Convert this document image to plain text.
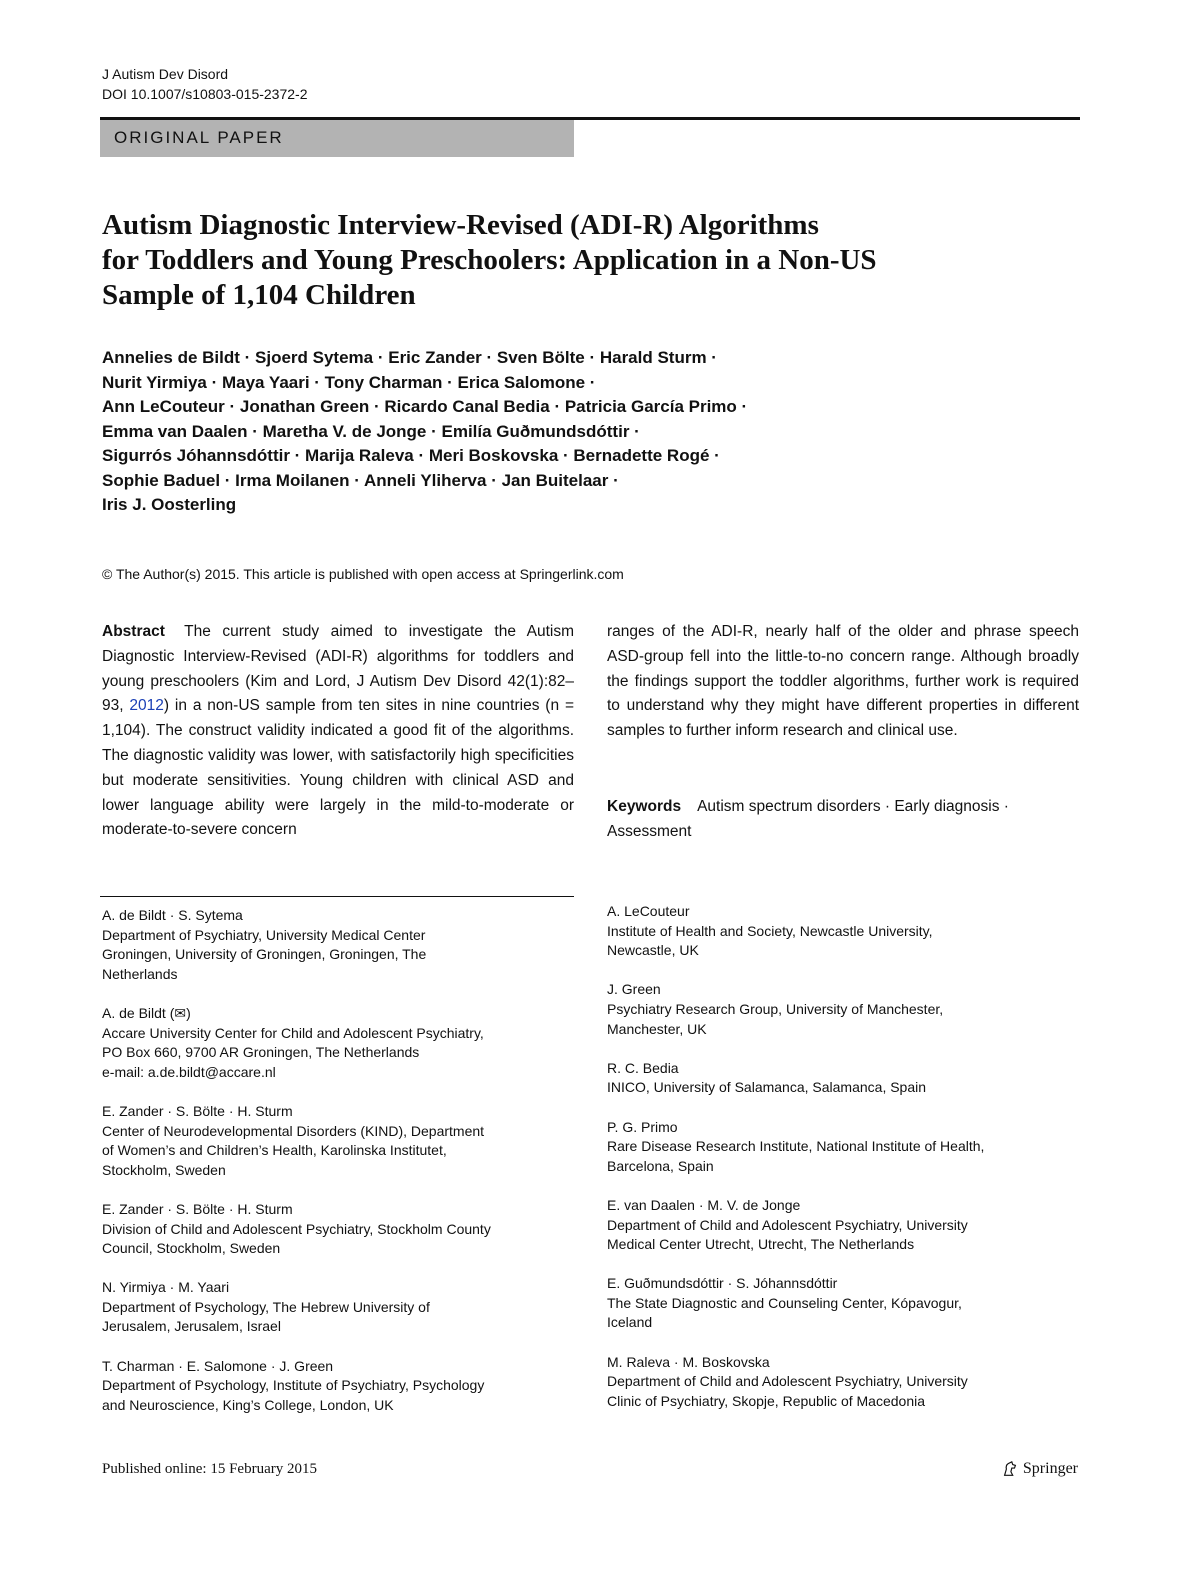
J Autism Dev Disord
DOI 10.1007/s10803-015-2372-2
ORIGINAL PAPER
Autism Diagnostic Interview-Revised (ADI-R) Algorithms
for Toddlers and Young Preschoolers: Application in a Non-US
Sample of 1,104 Children
Annelies de Bildt · Sjoerd Sytema · Eric Zander · Sven Bölte · Harald Sturm ·
Nurit Yirmiya · Maya Yaari · Tony Charman · Erica Salomone ·
Ann LeCouteur · Jonathan Green · Ricardo Canal Bedia · Patricia García Primo ·
Emma van Daalen · Maretha V. de Jonge · Emilía Guðmundsdóttir ·
Sigurrós Jóhannsdóttir · Marija Raleva · Meri Boskovska · Bernadette Rogé ·
Sophie Baduel · Irma Moilanen · Anneli Yliherva · Jan Buitelaar ·
Iris J. Oosterling
© The Author(s) 2015. This article is published with open access at Springerlink.com
Abstract The current study aimed to investigate the Autism Diagnostic Interview-Revised (ADI-R) algorithms for toddlers and young preschoolers (Kim and Lord, J Autism Dev Disord 42(1):82–93, 2012) in a non-US sample from ten sites in nine countries (n = 1,104). The construct validity indicated a good fit of the algorithms. The diagnostic validity was lower, with satisfactorily high specificities but moderate sensitivities. Young children with clinical ASD and lower language ability were largely in the mild-to-moderate or moderate-to-severe concern
ranges of the ADI-R, nearly half of the older and phrase speech ASD-group fell into the little-to-no concern range. Although broadly the findings support the toddler algorithms, further work is required to understand why they might have different properties in different samples to further inform research and clinical use.
Keywords Autism spectrum disorders · Early diagnosis · Assessment
A. de Bildt · S. Sytema
Department of Psychiatry, University Medical Center
Groningen, University of Groningen, Groningen, The
Netherlands
A. de Bildt (✉)
Accare University Center for Child and Adolescent Psychiatry,
PO Box 660, 9700 AR Groningen, The Netherlands
e-mail: a.de.bildt@accare.nl
E. Zander · S. Bölte · H. Sturm
Center of Neurodevelopmental Disorders (KIND), Department
of Women’s and Children’s Health, Karolinska Institutet,
Stockholm, Sweden
E. Zander · S. Bölte · H. Sturm
Division of Child and Adolescent Psychiatry, Stockholm County
Council, Stockholm, Sweden
N. Yirmiya · M. Yaari
Department of Psychology, The Hebrew University of
Jerusalem, Jerusalem, Israel
T. Charman · E. Salomone · J. Green
Department of Psychology, Institute of Psychiatry, Psychology
and Neuroscience, King’s College, London, UK
A. LeCouteur
Institute of Health and Society, Newcastle University,
Newcastle, UK
J. Green
Psychiatry Research Group, University of Manchester,
Manchester, UK
R. C. Bedia
INICO, University of Salamanca, Salamanca, Spain
P. G. Primo
Rare Disease Research Institute, National Institute of Health,
Barcelona, Spain
E. van Daalen · M. V. de Jonge
Department of Child and Adolescent Psychiatry, University
Medical Center Utrecht, Utrecht, The Netherlands
E. Guðmundsdóttir · S. Jóhannsdóttir
The State Diagnostic and Counseling Center, Kópavogur,
Iceland
M. Raleva · M. Boskovska
Department of Child and Adolescent Psychiatry, University
Clinic of Psychiatry, Skopje, Republic of Macedonia
Published online: 15 February 2015	Springer
